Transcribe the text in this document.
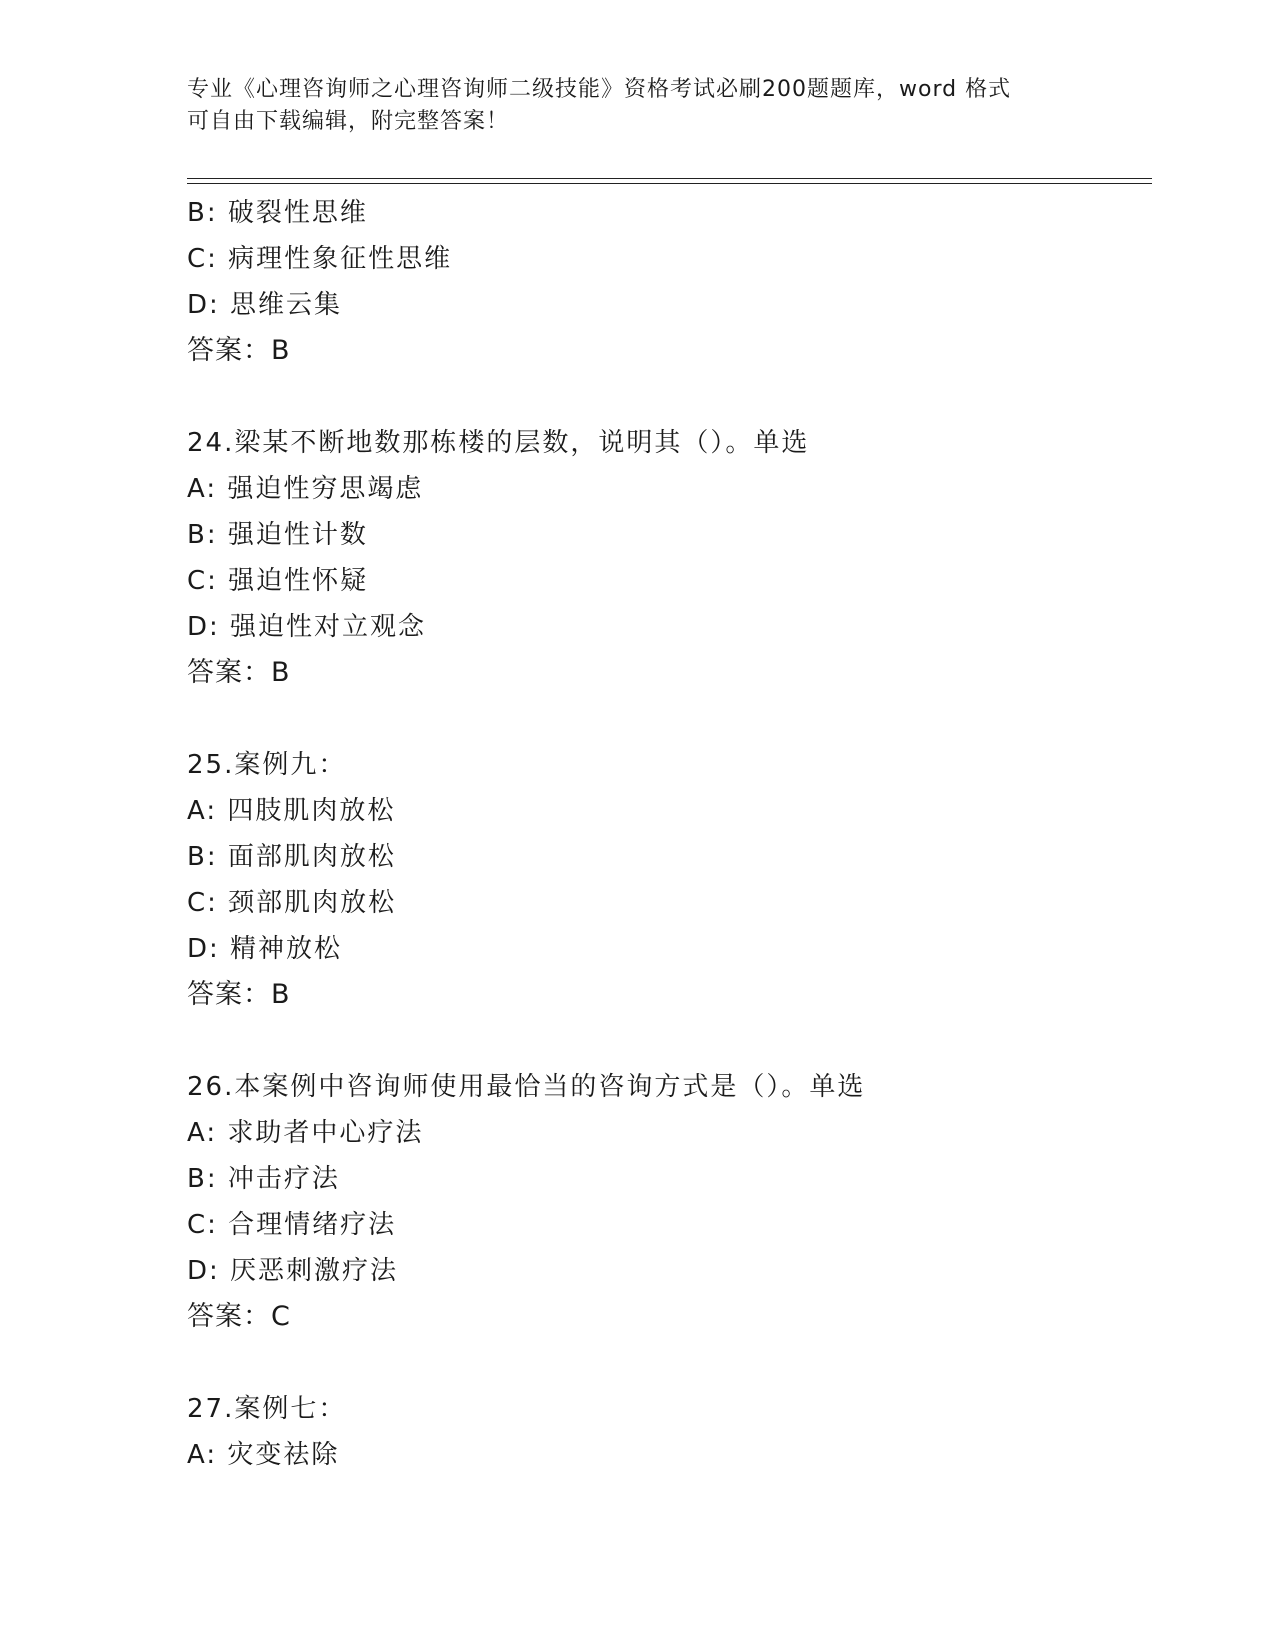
专业《心理咨询师之心理咨询师二级技能》资格考试必刷200题题库，word 格式
可自由下载编辑，附完整答案！
B: 破裂性思维
C: 病理性象征性思维
D: 思维云集
答案：B
24.梁某不断地数那栋楼的层数，说明其（）。单选
A: 强迫性穷思竭虑
B: 强迫性计数
C: 强迫性怀疑
D: 强迫性对立观念
答案：B
25.案例九：
A: 四肢肌肉放松
B: 面部肌肉放松
C: 颈部肌肉放松
D: 精神放松
答案：B
26.本案例中咨询师使用最恰当的咨询方式是（）。单选
A: 求助者中心疗法
B: 冲击疗法
C: 合理情绪疗法
D: 厌恶刺激疗法
答案：C
27.案例七：
A: 灾变祛除
